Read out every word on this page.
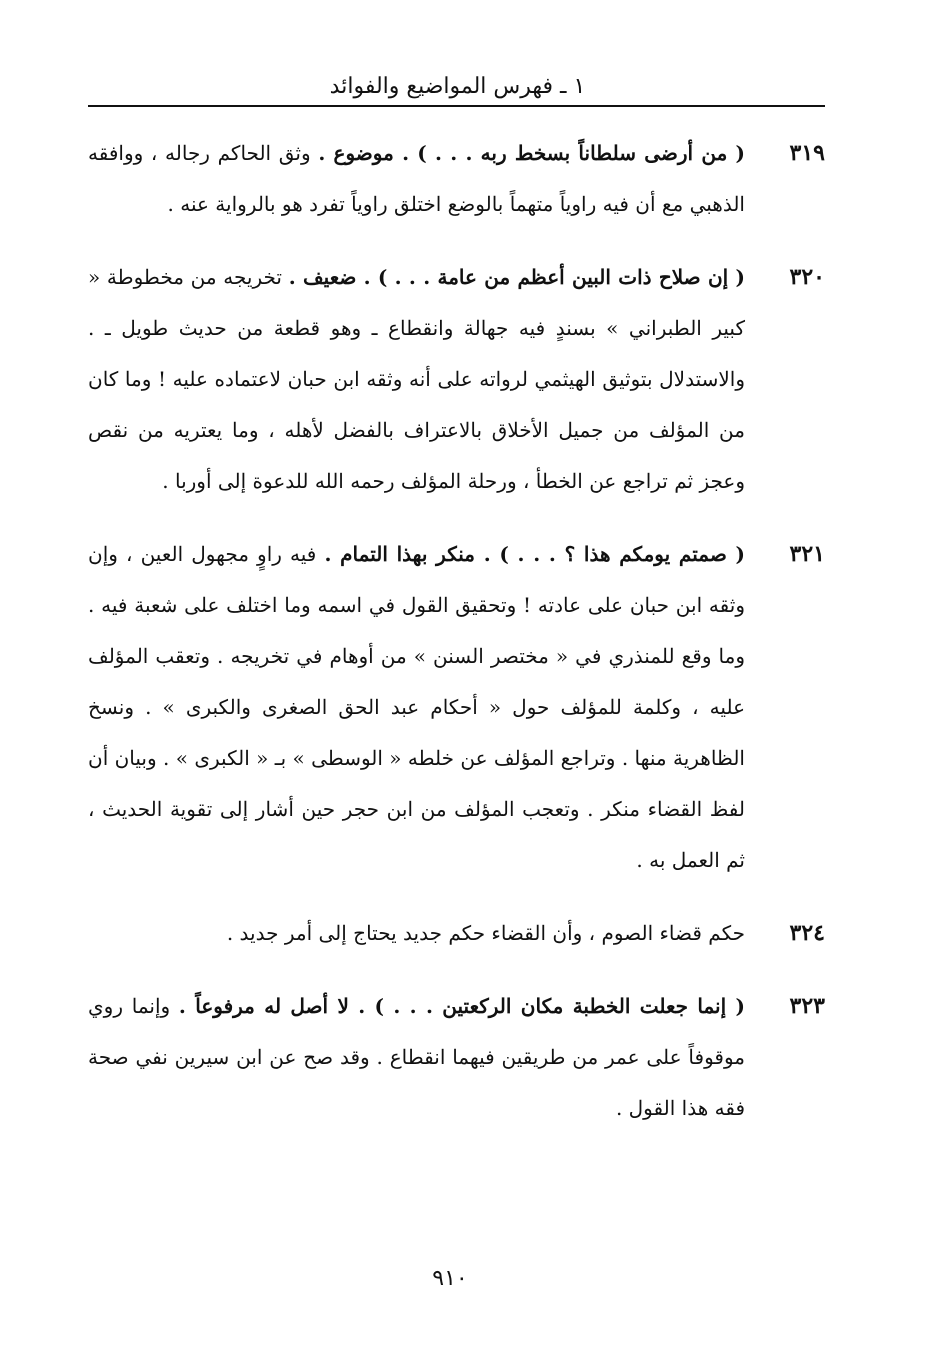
١ ـ فهرس المواضيع والفوائد
٣١٩
( من أرضى سلطاناً بسخط ربه . . . ) . موضوع . وثق الحاكم رجاله ، ووافقه الذهبي مع أن فيه راوياً متهماً بالوضع اختلق راوياً تفرد هو بالرواية عنه .
٣٢٠
( إن صلاح ذات البين أعظم من عامة . . . ) . ضعيف . تخريجه من مخطوطة « كبير الطبراني » بسندٍ فيه جهالة وانقطاع ـ وهو قطعة من حديث طويل ـ . والاستدلال بتوثيق الهيثمي لرواته على أنه وثقه ابن حبان لاعتماده عليه ! وما كان من المؤلف من جميل الأخلاق بالاعتراف بالفضل لأهله ، وما يعتريه من نقص وعجز ثم تراجع عن الخطأ ، ورحلة المؤلف رحمه الله للدعوة إلى أوربا .
٣٢١
( صمتم يومكم هذا ؟ . . . ) . منكر بهذا التمام . فيه راوٍ مجهول العين ، وإن وثقه ابن حبان على عادته ! وتحقيق القول في اسمه وما اختلف على شعبة فيه . وما وقع للمنذري في « مختصر السنن » من أوهام في تخريجه . وتعقب المؤلف عليه ، وكلمة للمؤلف حول « أحكام عبد الحق الصغرى والكبرى » . ونسخ الظاهرية منها . وتراجع المؤلف عن خلطه « الوسطى » بـ « الكبرى » . وبيان أن لفظ القضاء منكر . وتعجب المؤلف من ابن حجر حين أشار إلى تقوية الحديث ، ثم العمل به .
٣٢٤
حكم قضاء الصوم ، وأن القضاء حكم جديد يحتاج إلى أمر جديد .
٣٢٣
( إنما جعلت الخطبة مكان الركعتين . . . ) . لا أصل له مرفوعاً . وإنما روي موقوفاً على عمر من طريقين فيهما انقطاع . وقد صح عن ابن سيرين نفي صحة فقه هذا القول .
٩١٠
